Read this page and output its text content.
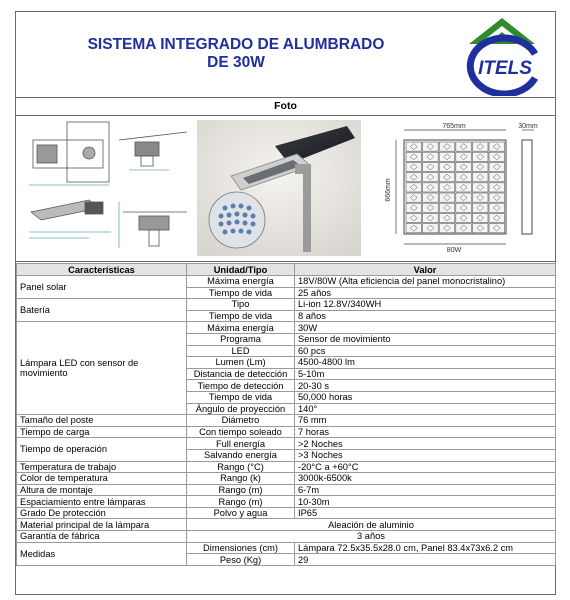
SISTEMA INTEGRADO DE ALUMBRADO
DE 30W	ITELS
Foto
765mm	30mm
666mm
80W
Características	Unidad/Tipo	Valor
Panel solar	Máxima energía	18V/80W (Alta eficiencia del panel monocristalino)
	Tiempo de vida	25 años
Batería	Tipo	Li-ion 12.8V/340WH
	Tiempo de vida	8 años
Lámpara LED con sensor de movimiento	Máxima energía	30W
	Programa	Sensor de movimiento
	LED	60 pcs
	Lumen (Lm)	4500-4800 lm
	Distancia de detección	5-10m
	Tiempo de detección	20-30 s
	Tiempo de vida	50,000 horas
	Ángulo de proyección	140°
Tamaño del poste	Diámetro	76 mm
Tiempo de carga	Con tiempo soleado	7 horas
Tiempo de operación	Full energía	>2 Noches
	Salvando energía	>3 Noches
Temperatura de trabajo	Rango (°C)	-20°C a +60°C
Color de temperatura	Rango (k)	3000k-6500k
Altura de montaje	Rango (m)	6-7m
Espaciamiento entre lámparas	Rango (m)	10-30m
Grado De protección	Polvo y agua	IP65
Material principal de la lámpara	Aleación de aluminio	
Garantía de fábrica	3 años	
Medidas	Dimensiones (cm)	Lámpara 72.5x35.5x28.0 cm, Panel 83.4x73x6.2 cm
	Peso (Kg)	29
